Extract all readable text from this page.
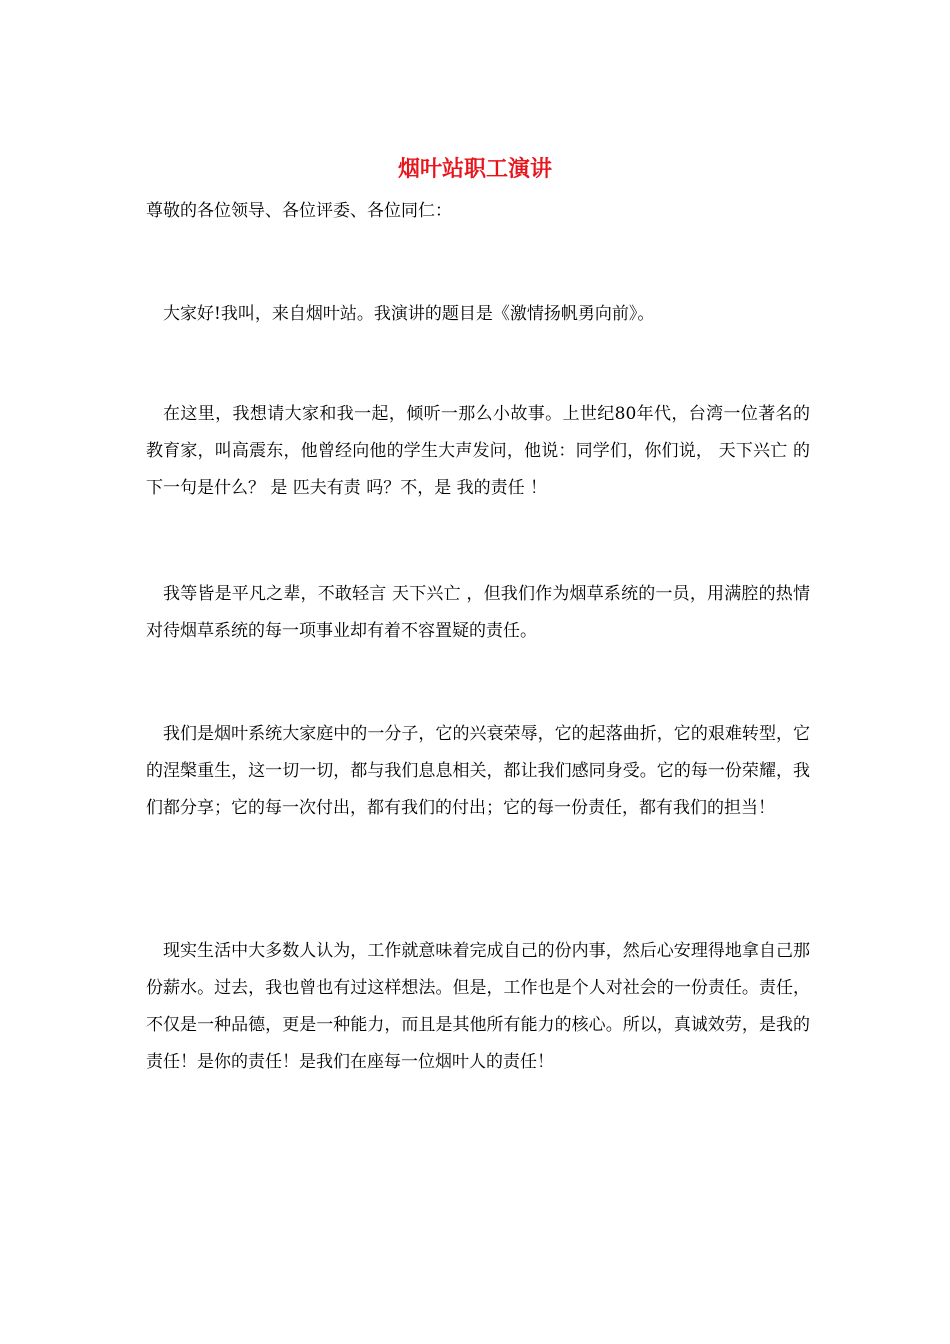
烟叶站职工演讲
尊敬的各位领导、各位评委、各位同仁：

大家好!我叫，来自烟叶站。我演讲的题目是《激情扬帆勇向前》。

在这里，我想请大家和我一起，倾听一那么小故事。上世纪80年代，台湾一位著名的教育家，叫高震东，他曾经向他的学生大声发问，他说：同学们，你们说， 天下兴亡 的下一句是什么？ 是 匹夫有责 吗？不，是 我的责任 ！

我等皆是平凡之辈，不敢轻言 天下兴亡 ，但我们作为烟草系统的一员，用满腔的热情对待烟草系统的每一项事业却有着不容置疑的责任。

我们是烟叶系统大家庭中的一分子，它的兴衰荣辱，它的起落曲折，它的艰难转型，它的涅槃重生，这一切一切，都与我们息息相关，都让我们感同身受。它的每一份荣耀，我们都分享；它的每一次付出，都有我们的付出；它的每一份责任，都有我们的担当！

现实生活中大多数人认为，工作就意味着完成自己的份内事，然后心安理得地拿自己那份薪水。过去，我也曾也有过这样想法。但是，工作也是个人对社会的一份责任。责任，不仅是一种品德，更是一种能力，而且是其他所有能力的核心。所以，真诚效劳，是我的责任！是你的责任！是我们在座每一位烟叶人的责任！
